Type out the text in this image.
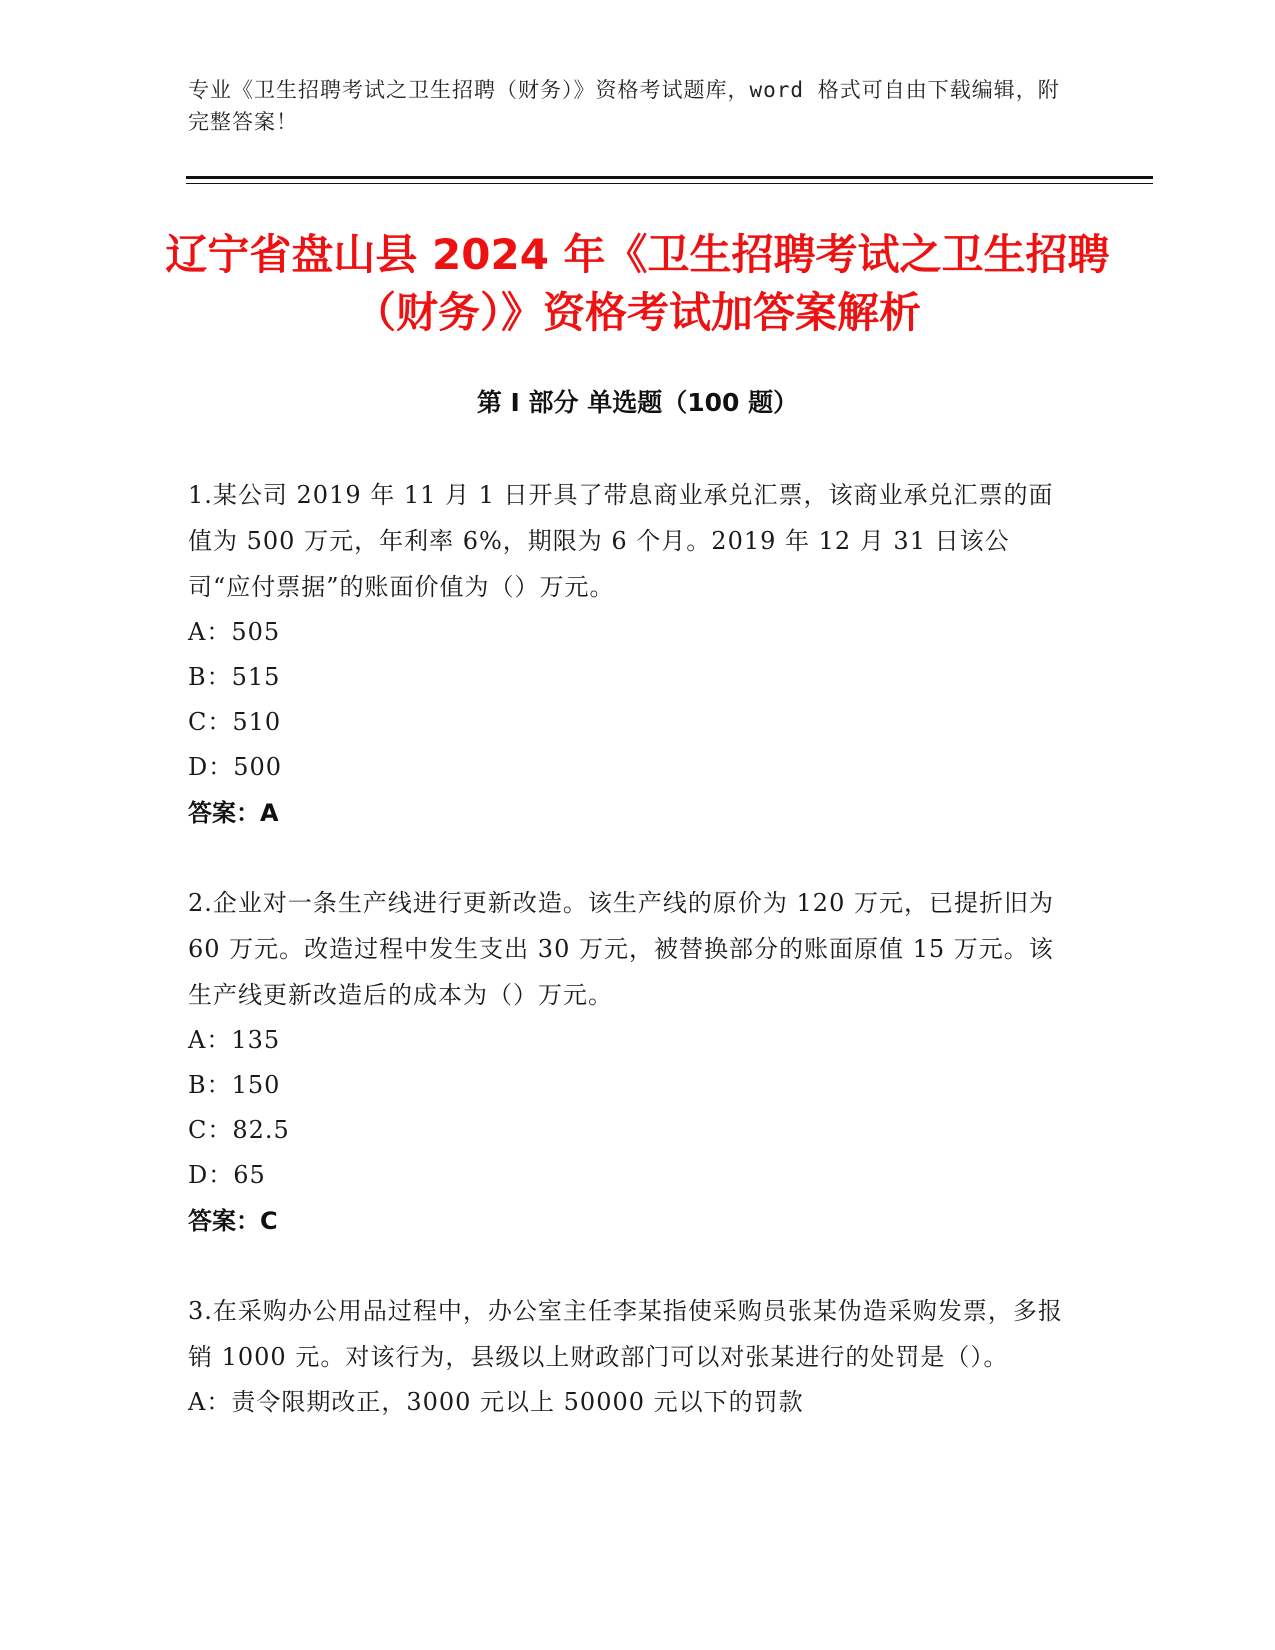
专业《卫生招聘考试之卫生招聘（财务）》资格考试题库，word 格式可自由下载编辑，附完整答案！
辽宁省盘山县 2024 年《卫生招聘考试之卫生招聘（财务）》资格考试加答案解析
第 I 部分 单选题（100 题）
1.某公司 2019 年 11 月 1 日开具了带息商业承兑汇票，该商业承兑汇票的面值为 500 万元，年利率 6%，期限为 6 个月。2019 年 12 月 31 日该公司“应付票据”的账面价值为（）万元。
A：505
B：515
C：510
D：500
答案：A
2.企业对一条生产线进行更新改造。该生产线的原价为 120 万元，已提折旧为 60 万元。改造过程中发生支出 30 万元，被替换部分的账面原值 15 万元。该生产线更新改造后的成本为（）万元。
A：135
B：150
C：82.5
D：65
答案：C
3.在采购办公用品过程中，办公室主任李某指使采购员张某伪造采购发票，多报销 1000 元。对该行为，县级以上财政部门可以对张某进行的处罚是（）。
A：责令限期改正，3000 元以上 50000 元以下的罚款
